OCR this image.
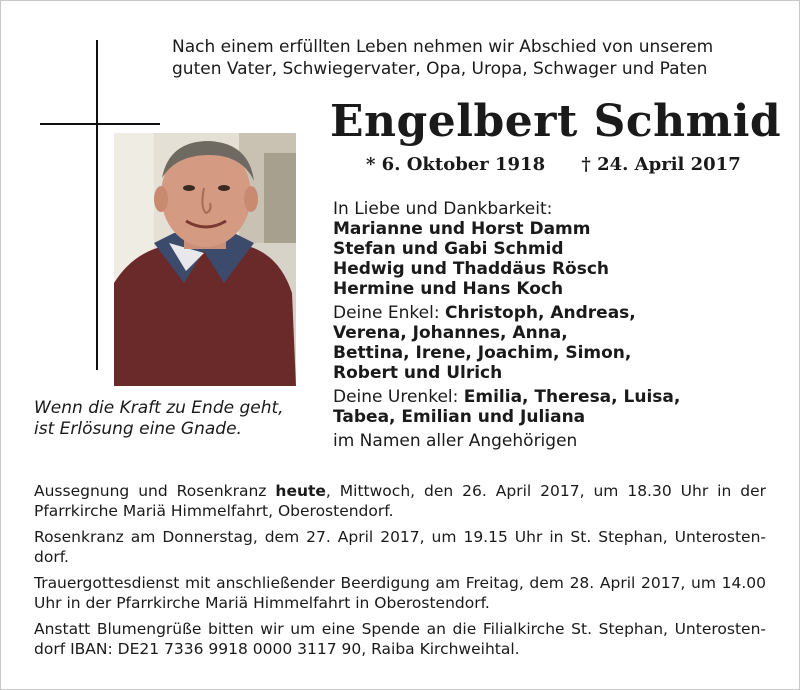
Nach einem erfüllten Leben nehmen wir Abschied von unserem
guten Vater, Schwiegervater, Opa, Uropa, Schwager und Paten
Engelbert Schmid
* 6. Oktober 1918 † 24. April 2017
Wenn die Kraft zu Ende geht,
ist Erlösung eine Gnade.
In Liebe und Dankbarkeit:
Marianne und Horst Damm
Stefan und Gabi Schmid
Hedwig und Thaddäus Rösch
Hermine und Hans Koch
Deine Enkel: Christoph, Andreas,
Verena, Johannes, Anna,
Bettina, Irene, Joachim, Simon,
Robert und Ulrich
Deine Urenkel: Emilia, Theresa, Luisa,
Tabea, Emilian und Juliana
im Namen aller Angehörigen

Aussegnung und Rosenkranz heute, Mittwoch, den 26. April 2017, um 18.30 Uhr in der Pfarrkirche Mariä Himmelfahrt, Oberostendorf.

Rosenkranz am Donnerstag, dem 27. April 2017, um 19.15 Uhr in St. Stephan, Unterostendorf.

Trauergottesdienst mit anschließender Beerdigung am Freitag, dem 28. April 2017, um 14.00 Uhr in der Pfarrkirche Mariä Himmelfahrt in Oberostendorf.

Anstatt Blumengrüße bitten wir um eine Spende an die Filialkirche St. Stephan, Unterostendorf IBAN: DE21 7336 9918 0000 3117 90, Raiba Kirchweihtal.
